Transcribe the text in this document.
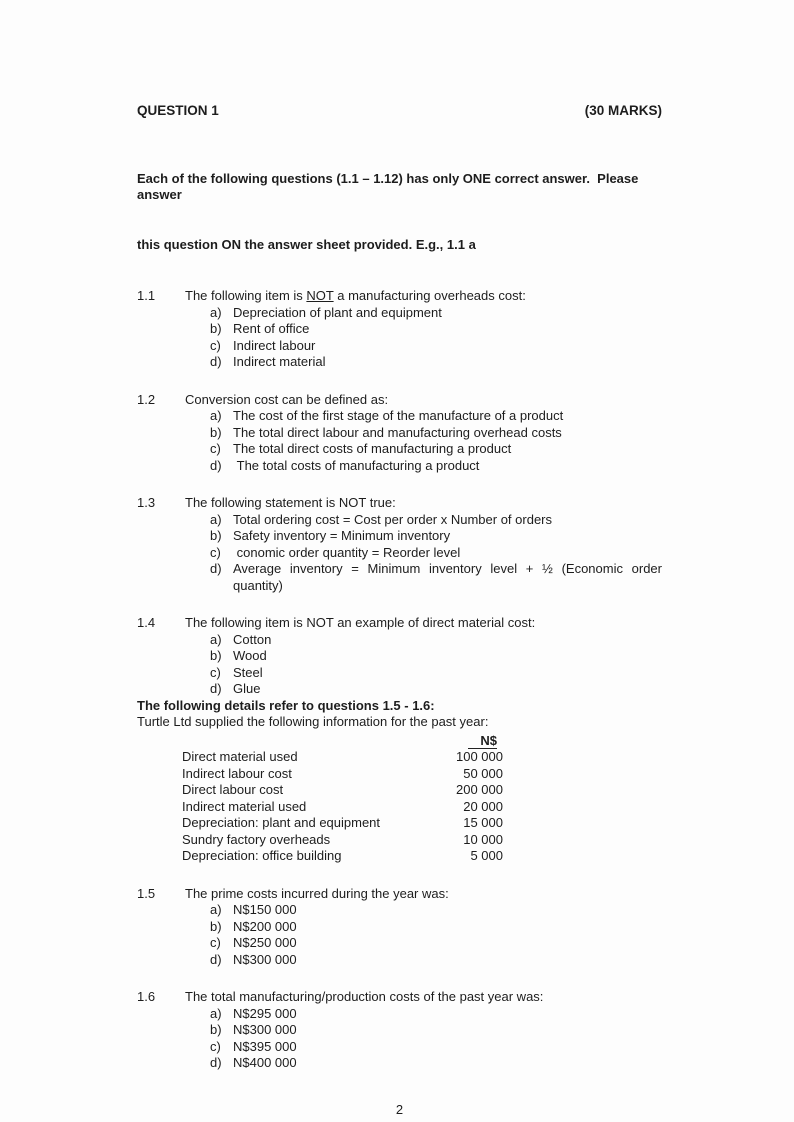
QUESTION 1	(30 MARKS)

Each of the following questions (1.1 – 1.12) has only ONE correct answer.  Please answer

this question ON the answer sheet provided. E.g., 1.1 a

1.1	The following item is NOT a manufacturing overheads cost:
a) Depreciation of plant and equipment
b) Rent of office
c) Indirect labour
d) Indirect material
1.2	Conversion cost can be defined as:
a) The cost of the first stage of the manufacture of a product
b) The total direct labour and manufacturing overhead costs
c) The total direct costs of manufacturing a product
d) The total costs of manufacturing a product
1.3	The following statement is NOT true:
a) Total ordering cost = Cost per order x Number of orders
b) Safety inventory = Minimum inventory
c) conomic order quantity = Reorder level
d) Average inventory = Minimum inventory level + ½ (Economic order quantity)
1.4	The following item is NOT an example of direct material cost:
a) Cotton
b) Wood
c) Steel
d) Glue
The following details refer to questions 1.5 - 1.6:
Turtle Ltd supplied the following information for the past year:
N$
Direct material used	100 000
Indirect labour cost	50 000
Direct labour cost	200 000
Indirect material used	20 000
Depreciation: plant and equipment	15 000
Sundry factory overheads	10 000
Depreciation: office building	5 000
1.5	The prime costs incurred during the year was:
a) N$150 000
b) N$200 000
c) N$250 000
d) N$300 000
1.6	The total manufacturing/production costs of the past year was:
a) N$295 000
b) N$300 000
c) N$395 000
d) N$400 000
2
